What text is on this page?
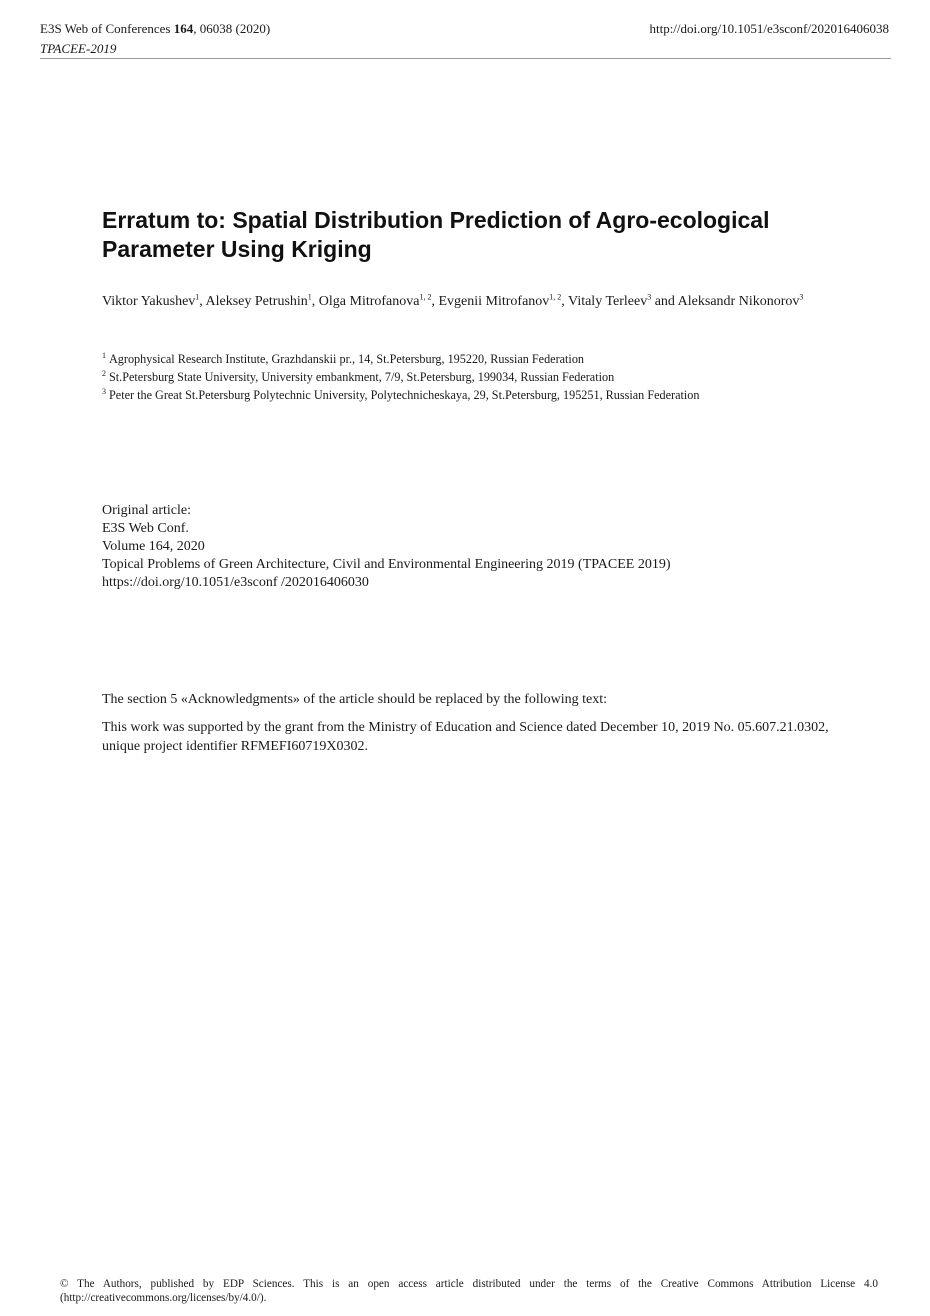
E3S Web of Conferences 164, 06038 (2020)
TPACEE-2019
http://doi.org/10.1051/e3sconf/202016406038
Erratum to: Spatial Distribution Prediction of Agro-ecological Parameter Using Kriging
Viktor Yakushev$^1$, Aleksey Petrushin$^1$, Olga Mitrofanova$^{1, 2}$, Evgenii Mitrofanov$^{1, 2}$, Vitaly Terleev$^3$ and Aleksandr Nikonorov$^3$
$^1$ Agrophysical Research Institute, Grazhdanskii pr., 14, St.Petersburg, 195220, Russian Federation
$^2$ St.Petersburg State University, University embankment, 7/9, St.Petersburg, 199034, Russian Federation
$^3$ Peter the Great St.Petersburg Polytechnic University, Polytechnicheskaya, 29, St.Petersburg, 195251, Russian Federation
Original article:
E3S Web Conf.
Volume 164, 2020
Topical Problems of Green Architecture, Civil and Environmental Engineering 2019 (TPACEE 2019)
https://doi.org/10.1051/e3sconf /202016406030
The section 5 «Acknowledgments» of the article should be replaced by the following text:
This work was supported by the grant from the Ministry of Education and Science dated December 10, 2019 No. 05.607.21.0302, unique project identifier RFMEFI60719X0302.
© The Authors, published by EDP Sciences. This is an open access article distributed under the terms of the Creative Commons Attribution License 4.0 (http://creativecommons.org/licenses/by/4.0/).
